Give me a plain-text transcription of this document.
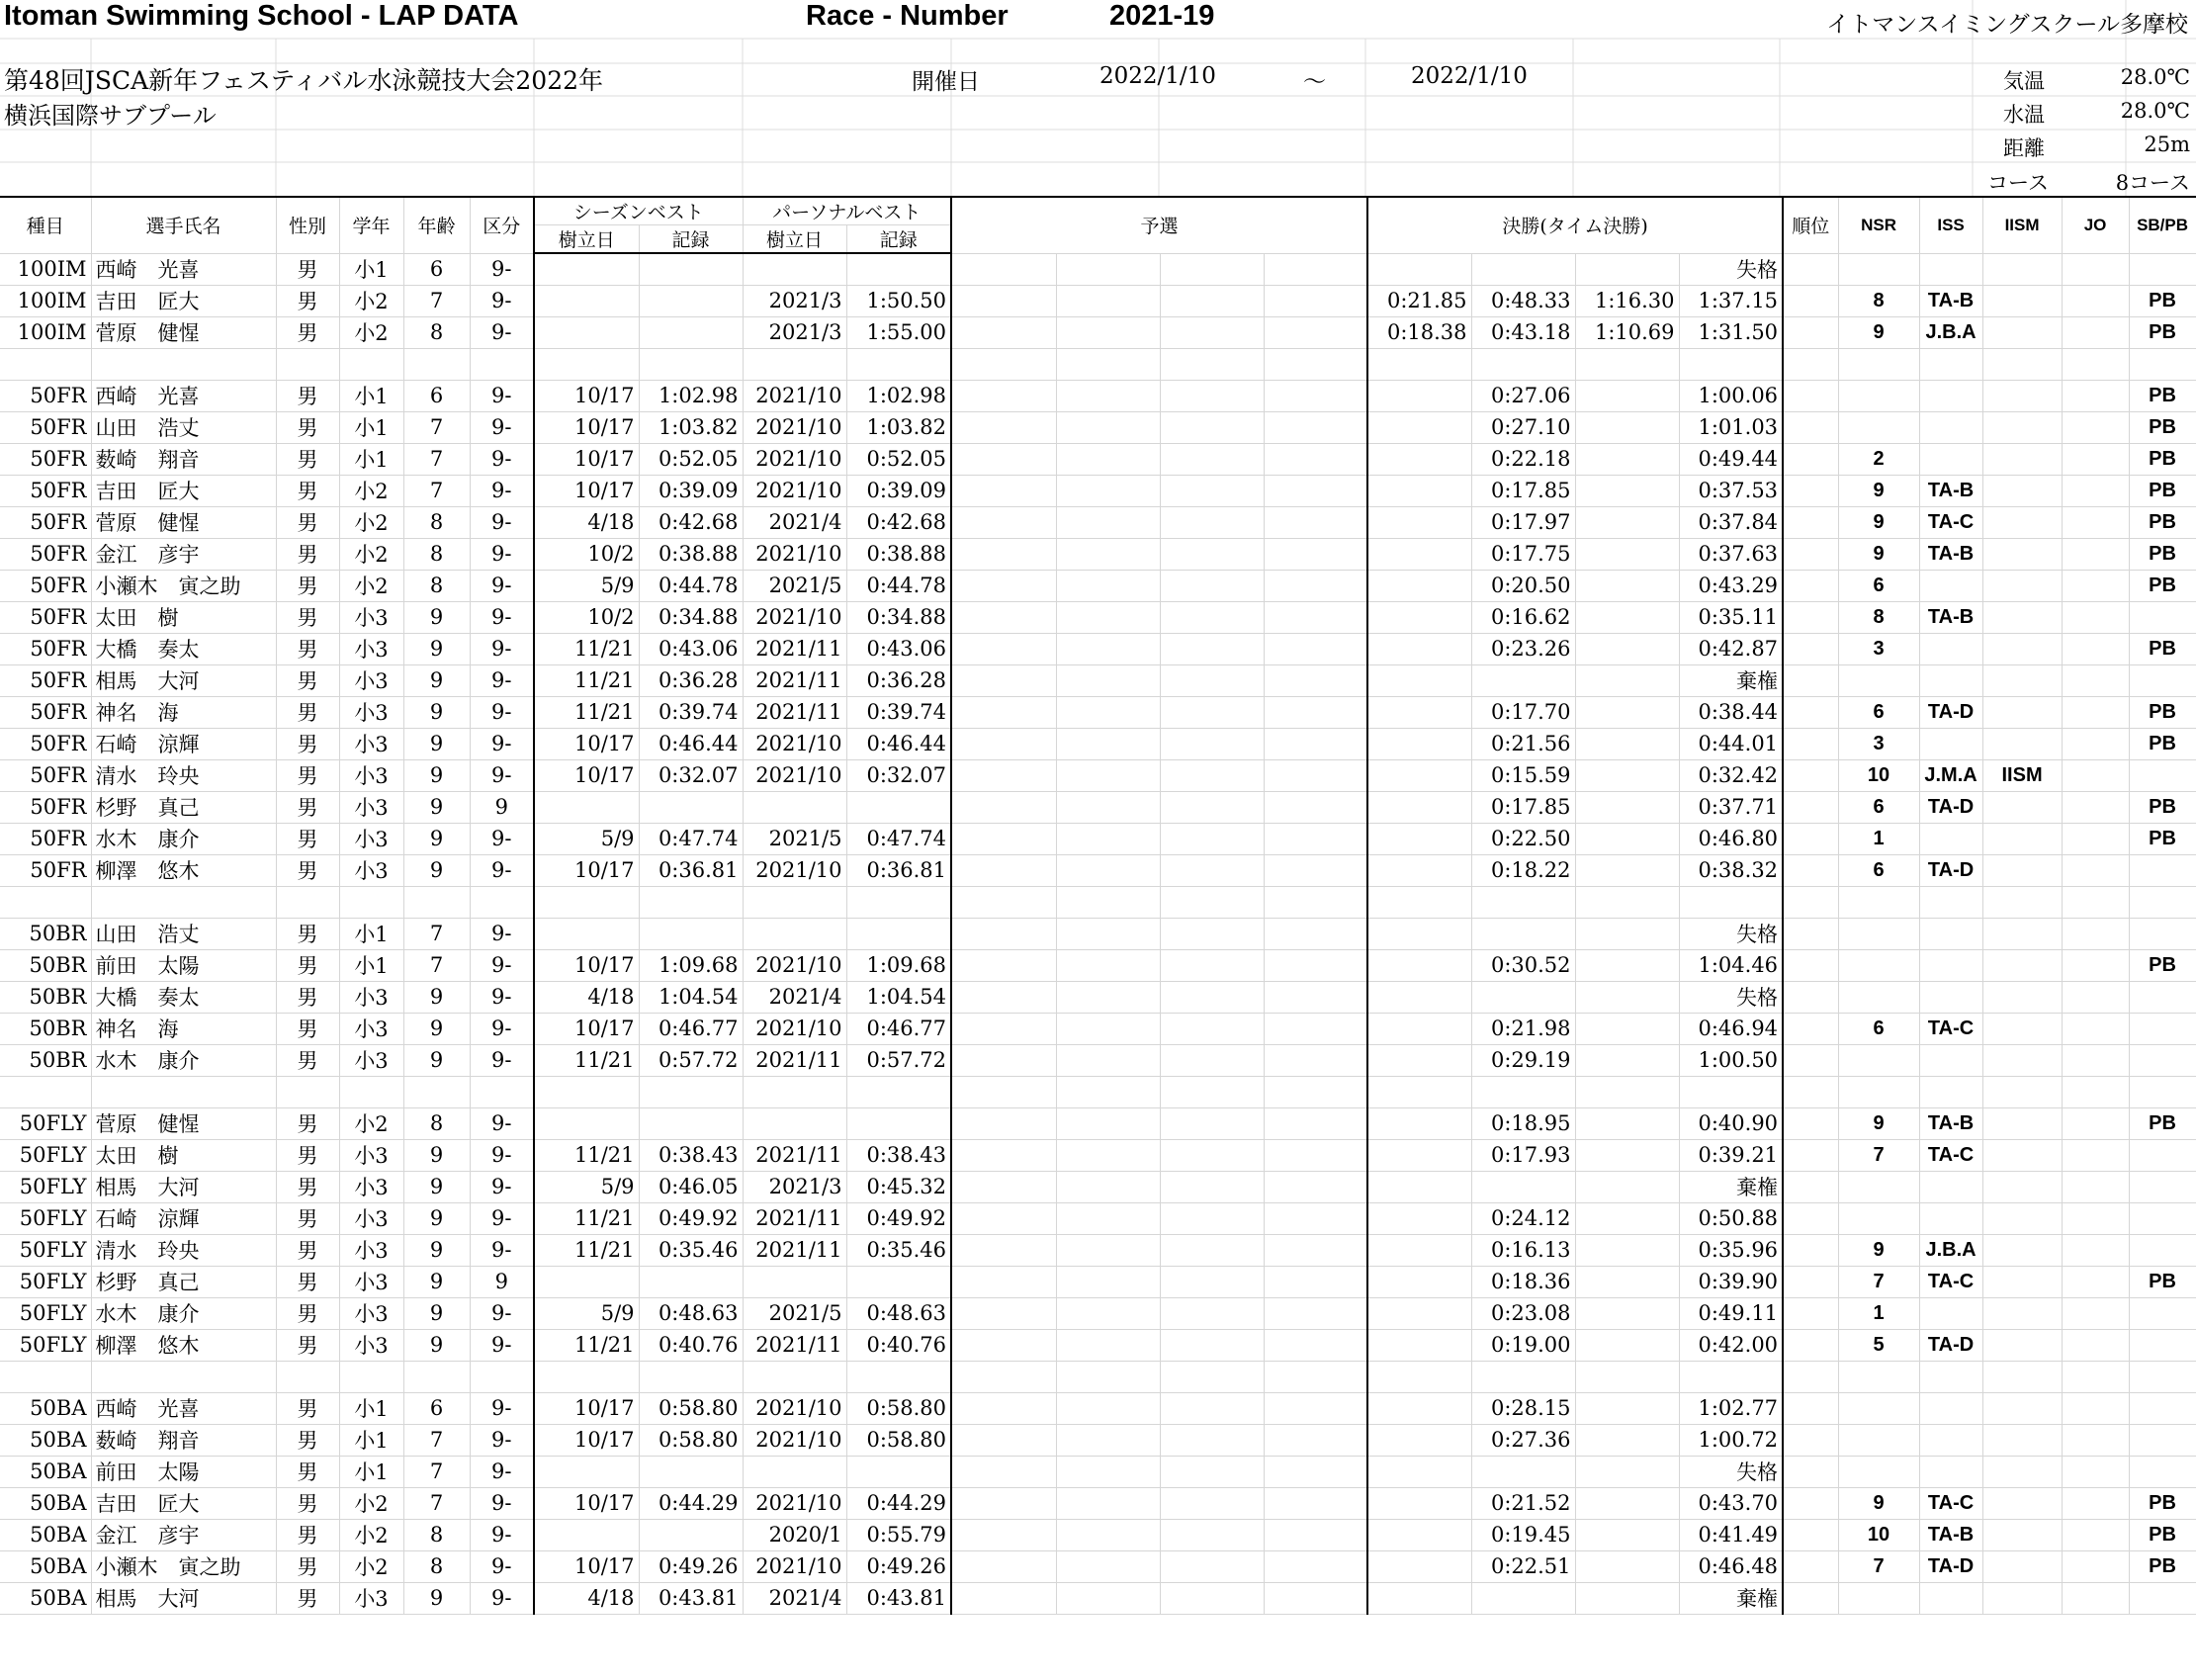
Itoman Swimming School - LAP DATA	Race - Number	2021-19	イトマンスイミングスクール多摩校
第48回JSCA新年フェスティバル水泳競技大会2022年
横浜国際サブプール
開催日	2022/1/10	～	2022/1/10	気温	28.0℃
水温	28.0℃
距離	25m
コース	8コース
種目	選手氏名	性別	学年	年齢	区分	シーズンベスト		パーソナルベスト		予選				決勝(タイム決勝)				順位	NSR	ISS	IISM	JO	SB/PB
						樹立日	記録	樹立日	記録														
100IM	西崎　光喜	男	小1	6	9-												失格						
100IM	吉田　匠大	男	小2	7	9-			2021/3	1:50.50					0:21.85	0:48.33	1:16.30	1:37.15		8	TA-B			PB
100IM	菅原　健惺	男	小2	8	9-			2021/3	1:55.00					0:18.38	0:43.18	1:10.69	1:31.50		9	J.B.A			PB

50FR	西崎　光喜	男	小1	6	9-	10/17	1:02.98	2021/10	1:02.98						0:27.06		1:00.06						PB
50FR	山田　浩丈	男	小1	7	9-	10/17	1:03.82	2021/10	1:03.82						0:27.10		1:01.03						PB
50FR	薮崎　翔音	男	小1	7	9-	10/17	0:52.05	2021/10	0:52.05						0:22.18		0:49.44		2				PB
50FR	吉田　匠大	男	小2	7	9-	10/17	0:39.09	2021/10	0:39.09						0:17.85		0:37.53		9	TA-B			PB
50FR	菅原　健惺	男	小2	8	9-	4/18	0:42.68	2021/4	0:42.68						0:17.97		0:37.84		9	TA-C			PB
50FR	金江　彦宇	男	小2	8	9-	10/2	0:38.88	2021/10	0:38.88						0:17.75		0:37.63		9	TA-B			PB
50FR	小瀬木　寅之助	男	小2	8	9-	5/9	0:44.78	2021/5	0:44.78						0:20.50		0:43.29		6				PB
50FR	太田　樹	男	小3	9	9-	10/2	0:34.88	2021/10	0:34.88						0:16.62		0:35.11		8	TA-B			
50FR	大橋　奏太	男	小3	9	9-	11/21	0:43.06	2021/11	0:43.06						0:23.26		0:42.87		3				PB
50FR	相馬　大河	男	小3	9	9-	11/21	0:36.28	2021/11	0:36.28								棄権						
50FR	神名　海	男	小3	9	9-	11/21	0:39.74	2021/11	0:39.74						0:17.70		0:38.44		6	TA-D			PB
50FR	石崎　涼輝	男	小3	9	9-	10/17	0:46.44	2021/10	0:46.44						0:21.56		0:44.01		3				PB
50FR	清水　玲央	男	小3	9	9-	10/17	0:32.07	2021/10	0:32.07						0:15.59		0:32.42		10	J.M.A	IISM		
50FR	杉野　真己	男	小3	9	9										0:17.85		0:37.71		6	TA-D			PB
50FR	水木　康介	男	小3	9	9-	5/9	0:47.74	2021/5	0:47.74						0:22.50		0:46.80		1				PB
50FR	柳澤　悠木	男	小3	9	9-	10/17	0:36.81	2021/10	0:36.81						0:18.22		0:38.32		6	TA-D			

50BR	山田　浩丈	男	小1	7	9-												失格						
50BR	前田　太陽	男	小1	7	9-	10/17	1:09.68	2021/10	1:09.68						0:30.52		1:04.46						PB
50BR	大橋　奏太	男	小3	9	9-	4/18	1:04.54	2021/4	1:04.54								失格						
50BR	神名　海	男	小3	9	9-	10/17	0:46.77	2021/10	0:46.77						0:21.98		0:46.94		6	TA-C			
50BR	水木　康介	男	小3	9	9-	11/21	0:57.72	2021/11	0:57.72						0:29.19		1:00.50						

50FLY	菅原　健惺	男	小2	8	9-										0:18.95		0:40.90		9	TA-B			PB
50FLY	太田　樹	男	小3	9	9-	11/21	0:38.43	2021/11	0:38.43						0:17.93		0:39.21		7	TA-C			
50FLY	相馬　大河	男	小3	9	9-	5/9	0:46.05	2021/3	0:45.32								棄権						
50FLY	石崎　涼輝	男	小3	9	9-	11/21	0:49.92	2021/11	0:49.92						0:24.12		0:50.88						
50FLY	清水　玲央	男	小3	9	9-	11/21	0:35.46	2021/11	0:35.46						0:16.13		0:35.96		9	J.B.A			
50FLY	杉野　真己	男	小3	9	9										0:18.36		0:39.90		7	TA-C			PB
50FLY	水木　康介	男	小3	9	9-	5/9	0:48.63	2021/5	0:48.63						0:23.08		0:49.11		1				
50FLY	柳澤　悠木	男	小3	9	9-	11/21	0:40.76	2021/11	0:40.76						0:19.00		0:42.00		5	TA-D			

50BA	西崎　光喜	男	小1	6	9-	10/17	0:58.80	2021/10	0:58.80						0:28.15		1:02.77						
50BA	薮崎　翔音	男	小1	7	9-	10/17	0:58.80	2021/10	0:58.80						0:27.36		1:00.72						
50BA	前田　太陽	男	小1	7	9-												失格						
50BA	吉田　匠大	男	小2	7	9-	10/17	0:44.29	2021/10	0:44.29						0:21.52		0:43.70		9	TA-C			PB
50BA	金江　彦宇	男	小2	8	9-			2020/1	0:55.79						0:19.45		0:41.49		10	TA-B			PB
50BA	小瀬木　寅之助	男	小2	8	9-	10/17	0:49.26	2021/10	0:49.26						0:22.51		0:46.48		7	TA-D			PB
50BA	相馬　大河	男	小3	9	9-	4/18	0:43.81	2021/4	0:43.81								棄権						
